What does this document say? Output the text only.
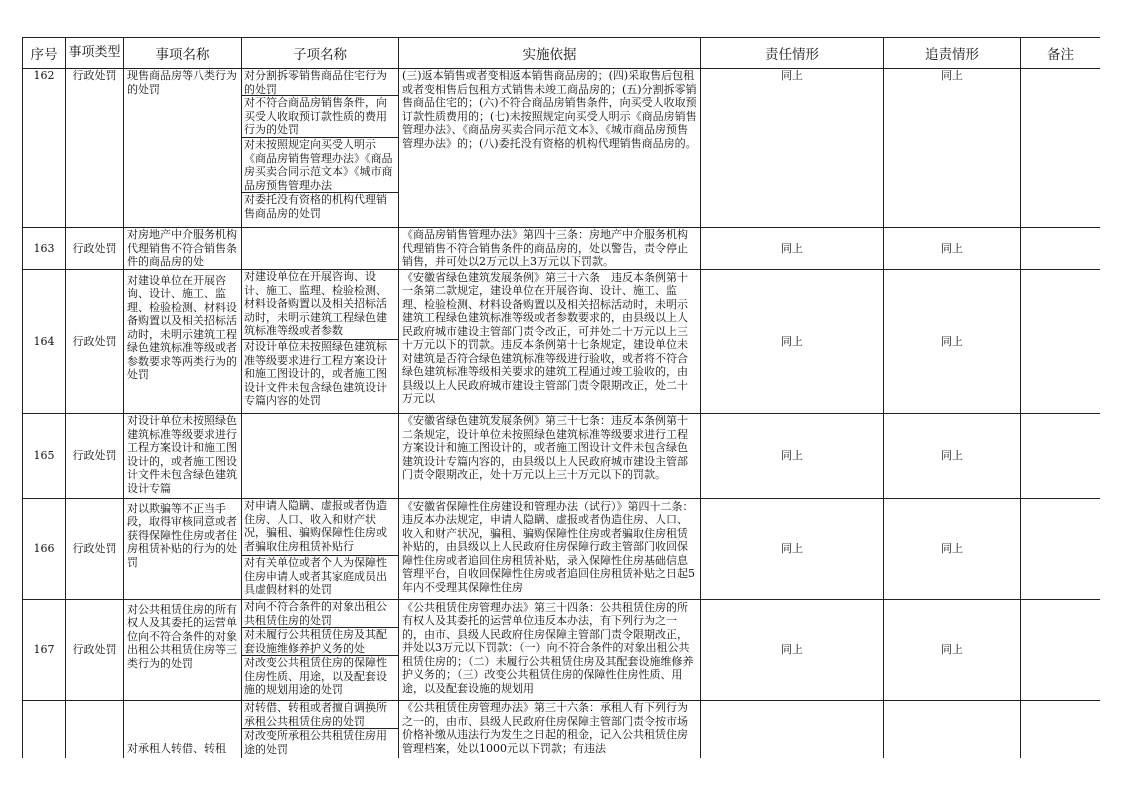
序号	事项类型	事项名称	子项名称	实施依据	责任情形	追责情形	备注
162	行政处罚	现售商品房等八类行为的处罚	对分割拆零销售商品住宅行为的处罚
对不符合商品房销售条件，向买受人收取预订款性质的费用行为的处罚
对未按照规定向买受人明示《商品房销售管理办法》《商品房买卖合同示范文本》《城市商品房预售管理办法
对委托没有资格的机构代理销售商品房的处罚	(三)返本销售或者变相返本销售商品房的；(四)采取售后包租或者变相售后包租方式销售未竣工商品房的；(五)分割拆零销售商品住宅的；(六)不符合商品房销售条件，向买受人收取预订款性质费用的；(七)未按照规定向买受人明示《商品房销售管理办法》、《商品房买卖合同示范文本》、《城市商品房预售管理办法》的；(八)委托没有资格的机构代理销售商品房的。	同上	同上	
163	行政处罚	对房地产中介服务机构代理销售不符合销售条件的商品房的处		《商品房销售管理办法》第四十三条：房地产中介服务机构代理销售不符合销售条件的商品房的，处以警告，责令停止销售，并可处以2万元以上3万元以下罚款。	同上	同上	
164	行政处罚	对建设单位在开展咨询、设计、施工、监理、检验检测、材料设备购置以及相关招标活动时，未明示建筑工程绿色建筑标准等级或者参数要求等两类行为的处罚	对建设单位在开展咨询、设计、施工、监理、检验检测、材料设备购置以及相关招标活动时，未明示建筑工程绿色建筑标准等级或者参数
对设计单位未按照绿色建筑标准等级要求进行工程方案设计和施工图设计的，或者施工图设计文件未包含绿色建筑设计专篇内容的处罚	《安徽省绿色建筑发展条例》第三十六条　违反本条例第十一条第二款规定，建设单位在开展咨询、设计、施工、监理、检验检测、材料设备购置以及相关招标活动时，未明示建筑工程绿色建筑标准等级或者参数要求的，由县级以上人民政府城市建设主管部门责令改正，可并处二十万元以上三十万元以下的罚款。违反本条例第十七条规定，建设单位未对建筑是否符合绿色建筑标准等级进行验收，或者将不符合绿色建筑标准等级相关要求的建筑工程通过竣工验收的，由县级以上人民政府城市建设主管部门责令限期改正，处二十万元以	同上	同上	
165	行政处罚	对设计单位未按照绿色建筑标准等级要求进行工程方案设计和施工图设计的，或者施工图设计文件未包含绿色建筑设计专篇		《安徽省绿色建筑发展条例》第三十七条：违反本条例第十二条规定，设计单位未按照绿色建筑标准等级要求进行工程方案设计和施工图设计的，或者施工图设计文件未包含绿色建筑设计专篇内容的，由县级以上人民政府城市建设主管部门责令限期改正，处十万元以上三十万元以下的罚款。	同上	同上	
166	行政处罚	对以欺骗等不正当手段，取得审核同意或者获得保障性住房或者住房租赁补贴的行为的处罚	对申请人隐瞒、虚报或者伪造住房、人口、收入和财产状况，骗租、骗购保障性住房或者骗取住房租赁补贴行
对有关单位或者个人为保障性住房申请人或者其家庭成员出具虚假材料的处罚	《安徽省保障性住房建设和管理办法（试行）》第四十二条：违反本办法规定，申请人隐瞒、虚报或者伪造住房、人口、收入和财产状况，骗租、骗购保障性住房或者骗取住房租赁补贴的，由县级以上人民政府住房保障行政主管部门收回保障性住房或者追回住房租赁补贴，录入保障性住房基础信息管理平台，自收回保障性住房或者追回住房租赁补贴之日起5年内不受理其保障性住房	同上	同上	
167	行政处罚	对公共租赁住房的所有权人及其委托的运营单位向不符合条件的对象出租公共租赁住房等三类行为的处罚	对向不符合条件的对象出租公共租赁住房的处罚
对未履行公共租赁住房及其配套设施维修养护义务的处
对改变公共租赁住房的保障性住房性质、用途，以及配套设施的规划用途的处罚	《公共租赁住房管理办法》第三十四条：公共租赁住房的所有权人及其委托的运营单位违反本办法，有下列行为之一的，由市、县级人民政府住房保障主管部门责令限期改正，并处以3万元以下罚款：（一）向不符合条件的对象出租公共租赁住房的；（二）未履行公共租赁住房及其配套设施维修养护义务的；（三）改变公共租赁住房的保障性住房性质、用途，以及配套设施的规划用	同上	同上	

		对承租人转借、转租	对转借、转租或者擅自调换所承租公共租赁住房的处罚
对改变所承租公共租赁住房用途的处罚	《公共租赁住房管理办法》第三十六条：承租人有下列行为之一的，由市、县级人民政府住房保障主管部门责令按市场价格补缴从违法行为发生之日起的租金，记入公共租赁住房管理档案，处以1000元以下罚款；有违法			
